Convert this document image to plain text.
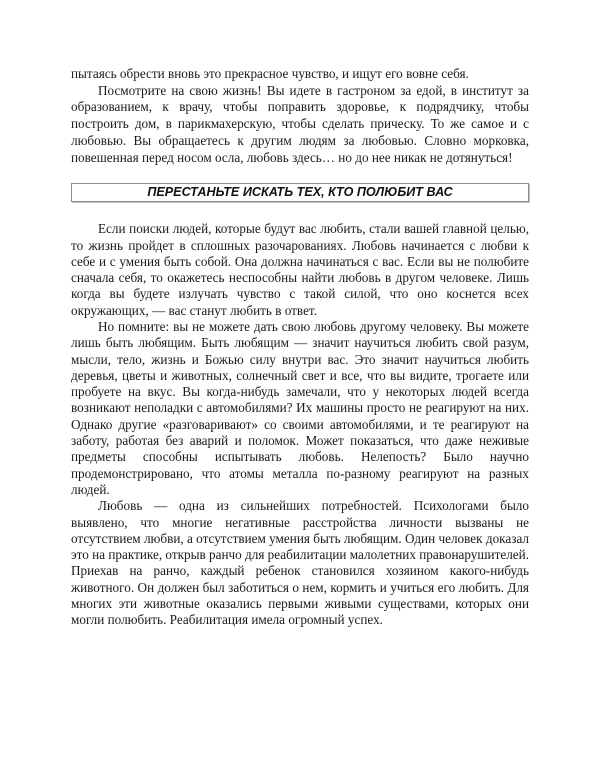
пытаясь обрести вновь это прекрасное чувство, и ищут его вовне себя.

Посмотрите на свою жизнь! Вы идете в гастроном за едой, в институт за образованием, к врачу, чтобы поправить здоровье, к подрядчику, чтобы построить дом, в парикмахерскую, чтобы сделать прическу. То же самое и с любовью. Вы обращаетесь к другим людям за любовью. Словно морковка, повешенная перед носом осла, любовь здесь… но до нее никак не дотянуться!

ПЕРЕСТАНЬТЕ ИСКАТЬ ТЕХ, КТО ПОЛЮБИТ ВАС

Если поиски людей, которые будут вас любить, стали вашей главной целью, то жизнь пройдет в сплошных разочарованиях. Любовь начинается с любви к себе и с умения быть собой. Она должна начинаться с вас. Если вы не полюбите сначала себя, то окажетесь неспособны найти любовь в другом человеке. Лишь когда вы будете излучать чувство с такой силой, что оно коснется всех окружающих, — вас станут любить в ответ.

Но помните: вы не можете дать свою любовь другому человеку. Вы можете лишь быть любящим. Быть любящим — значит научиться любить свой разум, мысли, тело, жизнь и Божью силу внутри вас. Это значит научиться любить деревья, цветы и животных, солнечный свет и все, что вы видите, трогаете или пробуете на вкус. Вы когда-нибудь замечали, что у некоторых людей всегда возникают неполадки с автомобилями? Их машины просто не реагируют на них. Однако другие «разговаривают» со своими автомобилями, и те реагируют на заботу, работая без аварий и поломок. Может показаться, что даже неживые предметы способны испытывать любовь. Нелепость? Было научно продемонстрировано, что атомы металла по-разному реагируют на разных людей.

Любовь — одна из сильнейших потребностей. Психологами было выявлено, что многие негативные расстройства личности вызваны не отсутствием любви, а отсутствием умения быть любящим. Один человек доказал это на практике, открыв ранчо для реабилитации малолетних правонарушителей. Приехав на ранчо, каждый ребенок становился хозяином какого-нибудь животного. Он должен был заботиться о нем, кормить и учиться его любить. Для многих эти животные оказались первыми живыми существами, которых они могли полюбить. Реабилитация имела огромный успех.
